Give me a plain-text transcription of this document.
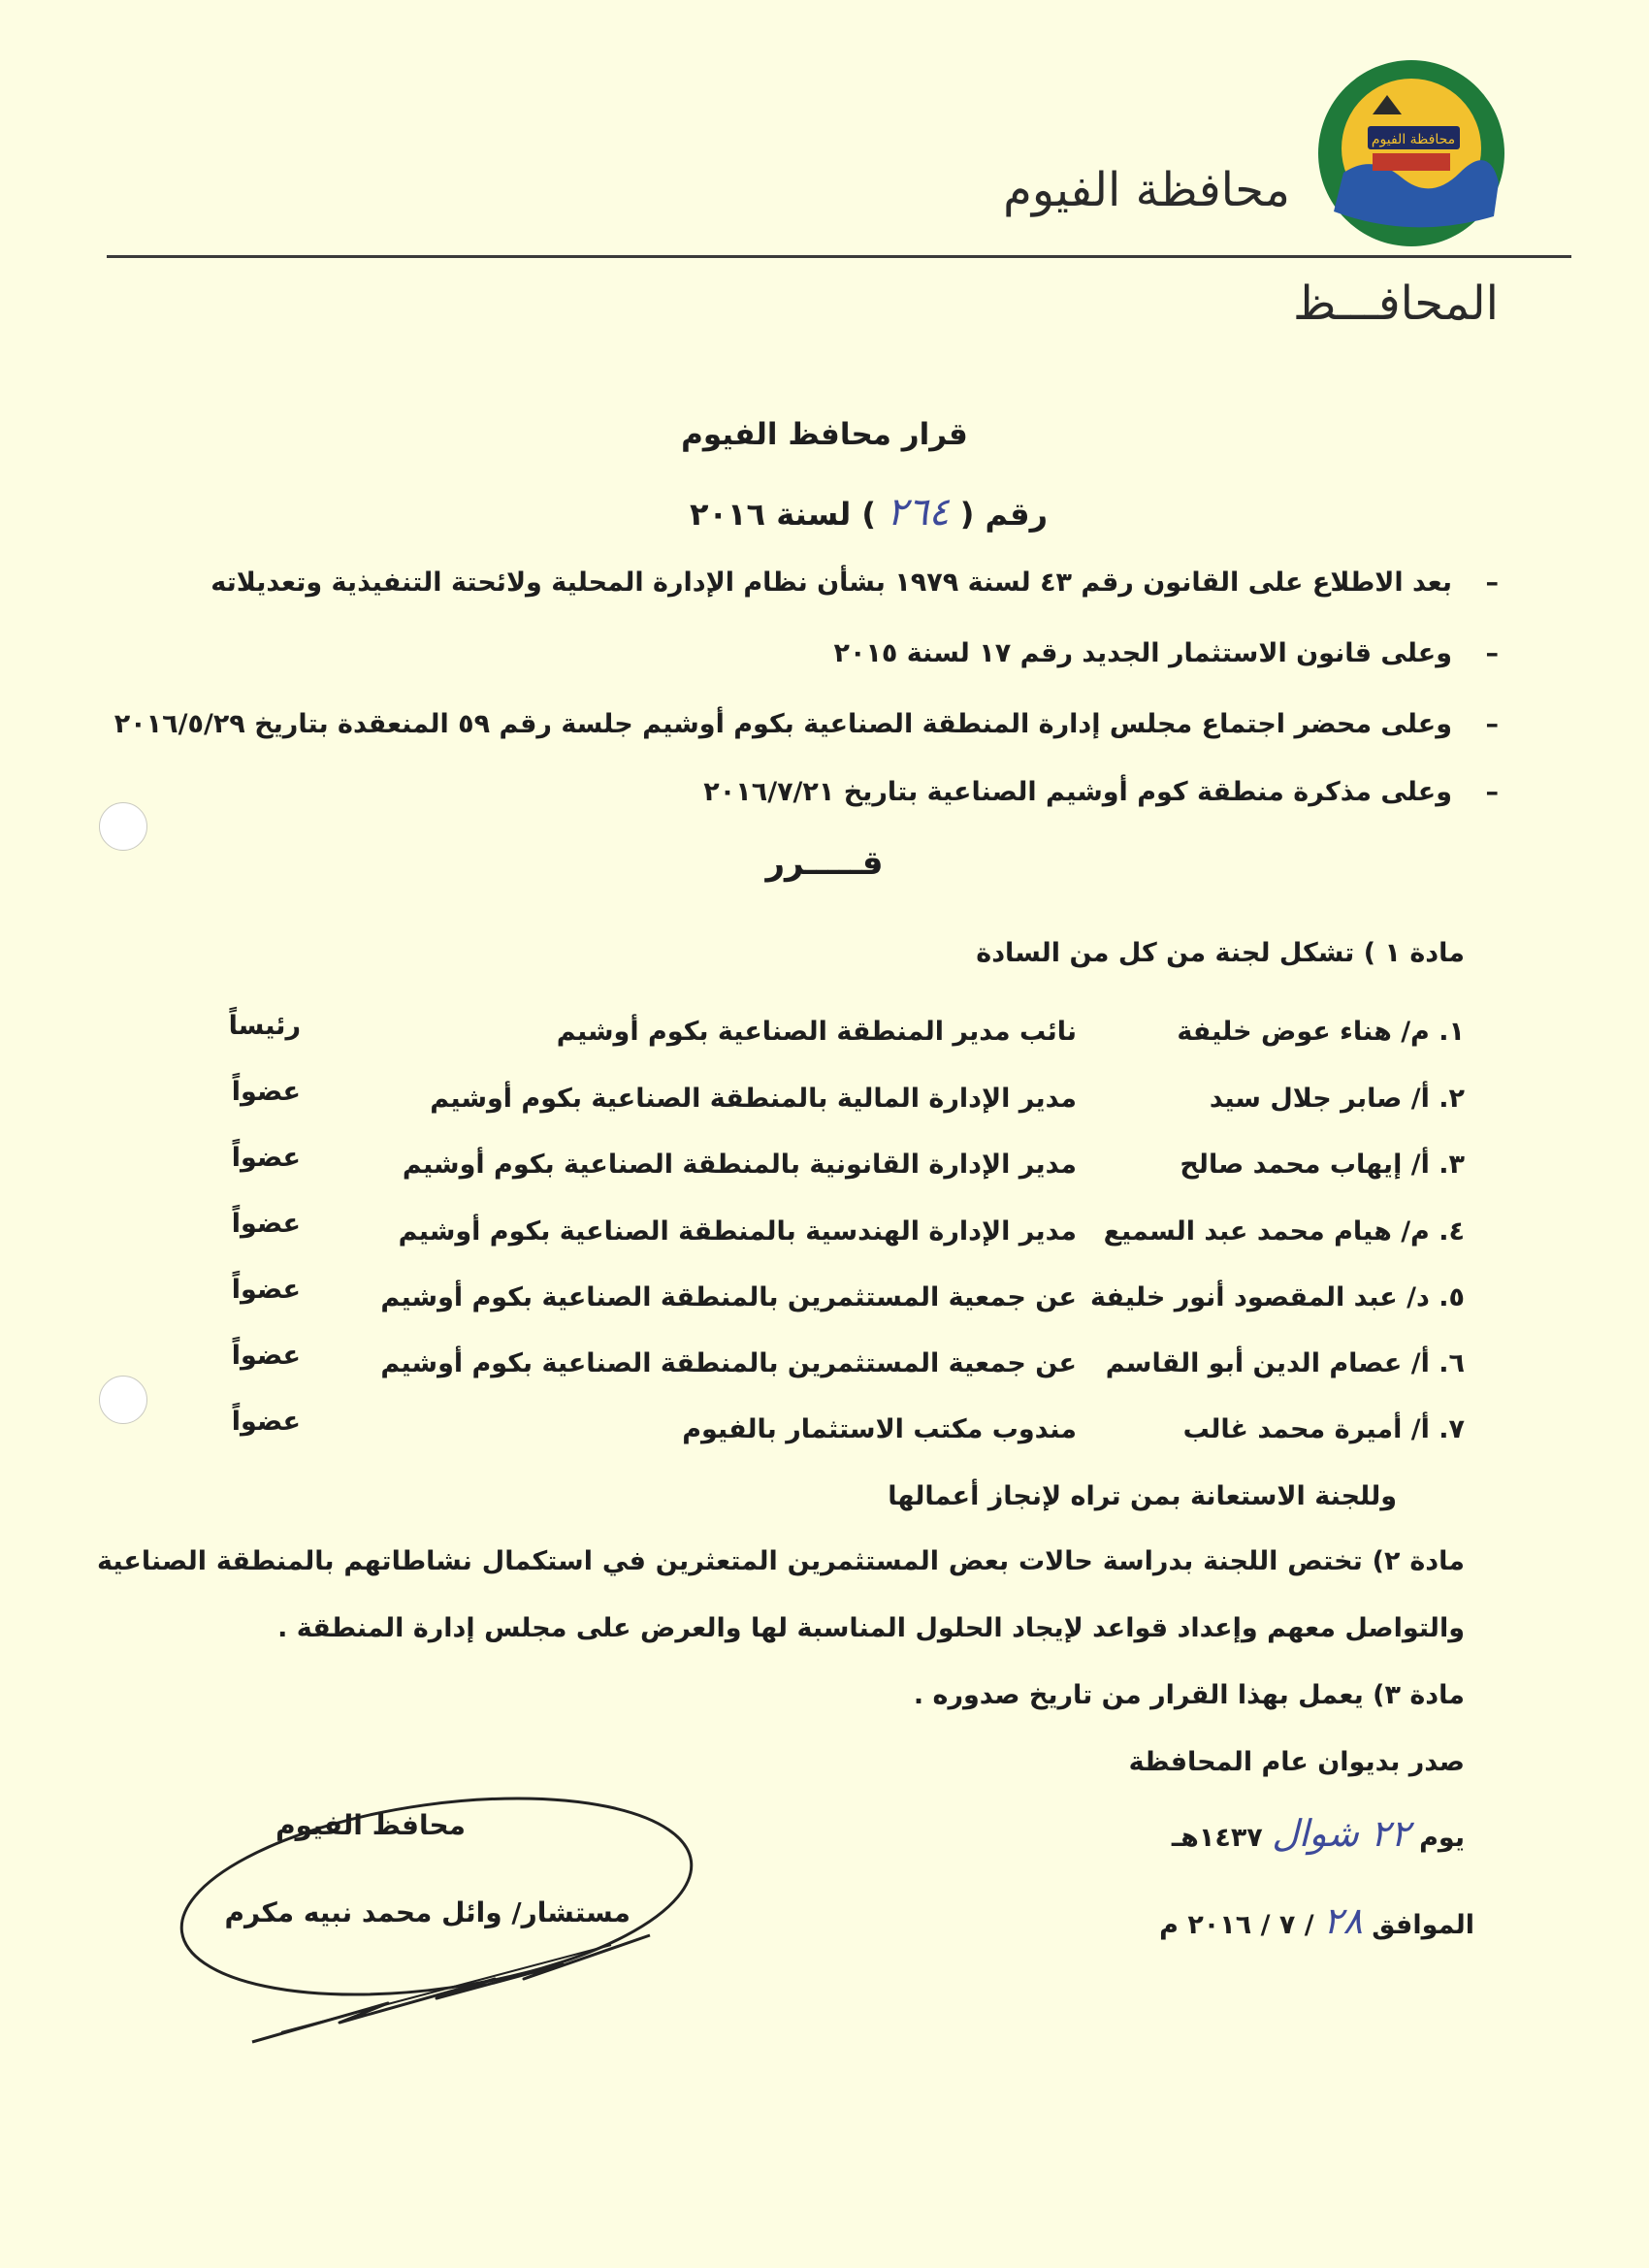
محافظة الفيوم
محافظة الفيوم
المحافـــظ
قرار محافظ الفيوم
رقم ( ٢٦٤ ) لسنة ٢٠١٦
–بعد الاطلاع على القانون رقم ٤٣ لسنة ١٩٧٩ بشأن نظام الإدارة المحلية ولائحتة التنفيذية وتعديلاته
–وعلى قانون الاستثمار الجديد رقم ١٧ لسنة ٢٠١٥
–وعلى محضر اجتماع مجلس إدارة المنطقة الصناعية بكوم أوشيم جلسة رقم ٥٩ المنعقدة بتاريخ ٢٠١٦/٥/٢٩
–وعلى مذكرة منطقة كوم أوشيم الصناعية بتاريخ ٢٠١٦/٧/٢١
قـــــرر
مادة ١ ) تشكل لجنة من كل من السادة
١. م/ هناء عوض خليفة
نائب مدير المنطقة الصناعية بكوم أوشيم
رئيساً
٢. أ/ صابر جلال سيد
مدير الإدارة المالية بالمنطقة الصناعية بكوم أوشيم
عضواً
٣. أ/ إيهاب محمد صالح
مدير الإدارة القانونية بالمنطقة الصناعية بكوم أوشيم
عضواً
٤. م/ هيام محمد عبد السميع
مدير الإدارة الهندسية بالمنطقة الصناعية بكوم أوشيم
عضواً
٥. د/ عبد المقصود أنور خليفة
عن جمعية المستثمرين بالمنطقة الصناعية بكوم أوشيم
عضواً
٦. أ/ عصام الدين أبو القاسم
عن جمعية المستثمرين بالمنطقة الصناعية بكوم أوشيم
عضواً
٧. أ/ أميرة محمد غالب
مندوب مكتب الاستثمار بالفيوم
عضواً
وللجنة الاستعانة بمن تراه لإنجاز أعمالها
مادة ٢) تختص اللجنة بدراسة حالات بعض المستثمرين المتعثرين في استكمال نشاطاتهم بالمنطقة الصناعية
والتواصل معهم وإعداد قواعد لإيجاد الحلول المناسبة لها والعرض على مجلس إدارة المنطقة .
مادة ٣) يعمل بهذا القرار من تاريخ صدوره .
صدر بديوان عام المحافظة
يوم ٢٢ شوال ١٤٣٧هـ
الموافق ٢٨ / ٧ / ٢٠١٦ م
محافظ الفيوم
مستشار/ وائل محمد نبيه مكرم
